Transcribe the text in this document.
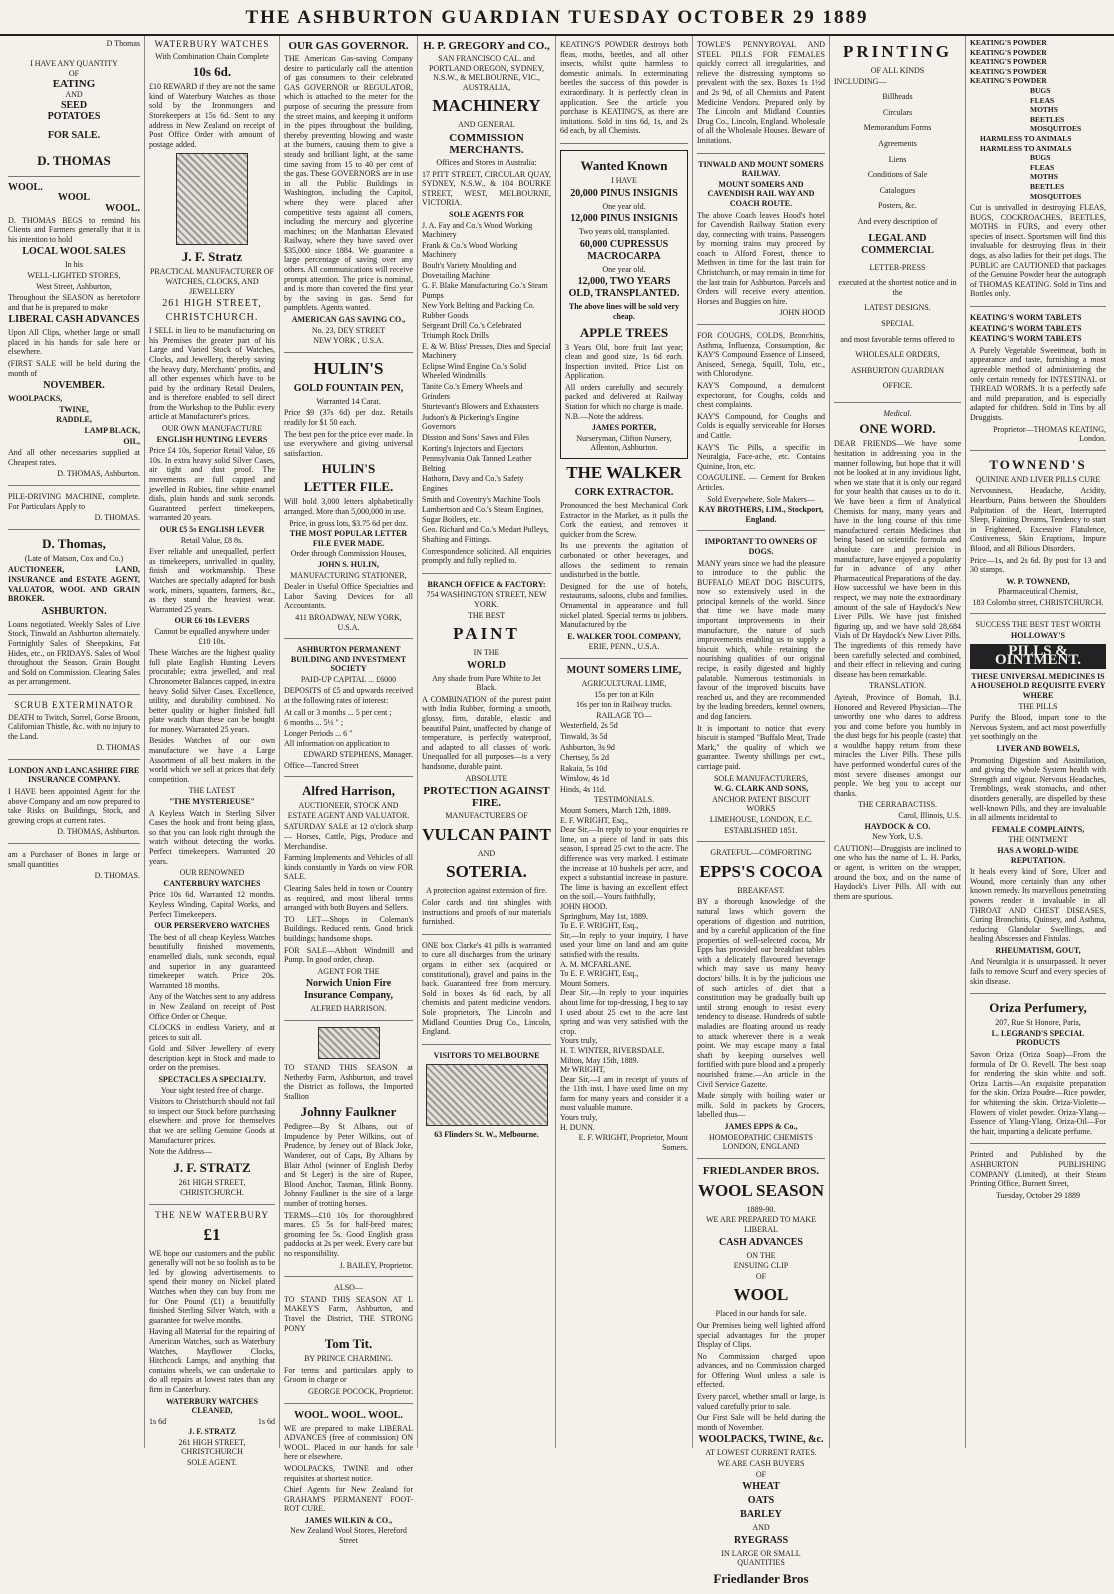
THE ASHBURTON GUARDIAN TUESDAY OCTOBER 29 1889
D Thomas
I HAVE ANY QUANTITY
OF
EATING
AND
SEED
POTATOES
FOR SALE.
D. THOMAS
WOOL.
WOOL
WOOL.

D. THOMAS BEGS to remind his Clients and Farmers generally that it is his intention to hold

LOCAL WOOL SALES
In his
WELL-LIGHTED STORES,
West Street, Ashburton,

Throughout the SEASON as heretofore and that he is prepared to make

LIBERAL CASH ADVANCES

Upon All Clips, whether large or small placed in his hands for sale here or elsewhere.

(FIRST SALE will be held during the month of

NOVEMBER.
WOOLPACKS,
TWINE,
RADDLE,
LAMP BLACK,
OIL,

And all other necessaries supplied at Cheapest rates.

D. THOMAS, Ashburton.

PILE-DRIVING MACHINE, complete. For Particulars Apply to

D. THOMAS.
D. Thomas,
(Late of Matson, Cox and Co.)

AUCTIONEER, LAND, INSURANCE and ESTATE AGENT, VALUATOR, WOOL AND GRAIN BROKER.

ASHBURTON.

Loans negotiated. Weekly Sales of Live Stock, Tinwald an Ashburton alternately. Fortnightly Sales of Sheepskins, Fat Hides, etc., on FRIDAYS. Sales of Wool throughout the Season. Grain Bought and Sold on Commission. Clearing Sales as per arrangement.

SCRUB EXTERMINATOR

DEATH to Twitch, Sorrel, Gorse Broom, Californian Thistle, &c. with no injury to the Land.

D. THOMAS
LONDON AND LANCASHIRE FIRE INSURANCE COMPANY.

I HAVE been appointed Agent for the above Company and am now prepared to take Risks on Buildings, Stock, and growing crops at current rates.

D. THOMAS, Ashburton.

am a Purchaser of Bones in large or small quantities

D. THOMAS.
WATERBURY WATCHES
With Combination Chain Complete
10s 6d.

£10 REWARD if they are not the same kind of Waterbury Watches as those sold by the Ironmongers and Storekeepers at 15s 6d. Sent to any address in New Zealand on receipt of Post Office Order with amount of postage added.

J. F. Stratz
PRACTICAL MANUFACTURER OF WATCHES, CLOCKS, AND JEWELLERY
261 HIGH STREET,
CHRISTCHURCH.

I SELL in lieu to be manufacturing on his Premises the greater part of his Large and Varied Stock of Watches, Clocks, and Jewellery, thereby saving the heavy duty, Merchants' profits, and all other expenses which have to be paid by the ordinary Retail Dealers, and is therefore enabled to sell direct from the Workshop to the Public every article at Manufacturer's prices.

OUR OWN MANUFACTURE
ENGLISH HUNTING LEVERS

Price £4 10s, Superior Retail Value, £6 10s. In extra heavy solid Silver Cases, air tight and dust proof. The movements are full capped and jewelled in Rubies, fine white enamel dials, plain hands and sunk seconds. Guaranteed perfect timekeepers, warranted 20 years.

OUR £5 5s ENGLISH LEVER
Retail Value, £8 8s.

Ever reliable and unequalled, perfect as timekeepers, unrivalled in quality, finish and workmanship. These Watches are specially adapted for bush work, miners, squatters, farmers, &c., as they stand the heaviest wear. Warranted 25 years.

OUR £6 10s LEVERS
Cannot be equalled anywhere under £10 10s.

These Watches are the highest quality full plate English Hunting Levers procurable; extra jewelled, and real Chronometer Balances capped, in extra heavy Solid Silver Cases. Excellence, utility, and durability combined. No better quality or higher finished full plate watch than these can be bought for money. Warranted 25 years.

Besides Watches of our own manufacture we have a Large Assortment of all best makers in the world which we sell at prices that defy competition.

THE LATEST
"THE MYSTERIEUSE"

A Keyless Watch in Sterling Silver Cases the hook and front being glass, so that you can look right through the watch without detecting the works. Perfect timekeepers. Warranted 20 years.

OUR RENOWNED
CANTERBURY WATCHES

Price 10s 6d. Warranted 12 months. Keyless Winding, Capital Works, and Perfect Timekeepers.

OUR PERSERVERO WATCHES

The best of all cheap Keyless Watches beautifully finished movements, enamelled dials, sunk seconds, equal and superior in any guaranteed timekeeper watch. Price 20s. Warranted 18 months.

Any of the Watches sent to any address in New Zealand on receipt of Post Office Order or Cheque.

CLOCKS in endless Variety, and at prices to suit all.

Gold and Silver Jewellery of every description kept in Stock and made to order on the premises.

SPECTACLES A SPECIALTY.
Your sight tested free of charge.

Visitors to Christchurch should not fail to inspect our Stock before purchasing elsewhere and prove for themselves that we are selling Genuine Goods at Manufacturer prices.

Note the Address—
J. F. STRATZ
261 HIGH STREET,
CHRISTCHURCH.
THE NEW WATERBURY
£1

WE hope our customers and the public generally will not be so foolish as to be led by glowing advertisements to spend their money on Nickel plated Watches when they can buy from me for One Pound (£1) a beautifully finished Sterling Silver Watch, with a guarantee for twelve months.

Having all Material for the repairing of American Watches, such as Waterbury Watches, Mayflower Clocks, Hitchcock Lamps, and anything that contains wheels, we can undertake to do all repairs at lowest rates than any firm in Canterbury.

WATERBURY WATCHES CLEANED,
1s 6d	1s 6d
J. F. STRATZ
261 HIGH STREET, CHRISTCHURCH
SOLE AGENT.
OUR GAS GOVERNOR.

THE American Gas-saving Company desire to particularly call the attention of gas consumers to their celebrated GAS GOVERNOR or REGULATOR, which is attached to the meter for the purpose of securing the pressure from the street mains, and keeping it uniform in the pipes throughout the building, thereby preventing blowing and waste at the burners, causing them to give a steady and brilliant light, at the same time saving from 15 to 40 per cent of the gas. These GOVERNORS are in use in all the Public Buildings in Washington, including the Capitol, where they were placed after competitive tests against all comers, including the mercury and glycerine machines; on the Manhattan Elevated Railway, where they have saved over $35,000 since 1884. We guarantee a large percentage of saving over any others. All communications will receive prompt attention. The price is nominal, and is more than covered the first year by the saving in gas. Send for pamphlets. Agents wanted.

AMERICAN GAS SAVING CO.,
No. 23, DEY STREET
NEW YORK , U.S.A.
HULIN'S
GOLD FOUNTAIN PEN,
Warranted 14 Carat.

Price $9 (37s 6d) per doz. Retails readily for $1 50 each.

The best pen for the price ever made. In use everywhere and giving universal satisfaction.

HULIN'S
LETTER FILE.

Will hold 3,000 letters alphabetically arranged. More than 5,000,000 in use.

Price, in gross lots, $3.75 6d per doz.
THE MOST POPULAR LETTER FILE EVER MADE.
Order through Commission Houses,
JOHN S. HULIN,
MANUFACTURING STATIONER,

Dealer in Useful Office Specialties and Labor Saving Devices for all Accountants.

411 BROADWAY, NEW YORK, U.S.A.
ASHBURTON PERMANENT BUILDING AND INVESTMENT SOCIETY
PAID-UP CAPITAL ... £6000

DEPOSITS of £5 and upwards received at the following rates of interest:

At call or 3 months ... 5 per cent ;
6 months ... 5½ " ;
Longer Periods ... 6 "
All information on application to
EDWARD STEPHENS, Manager.
Office—Tancred Street
Alfred Harrison,
AUCTIONEER, STOCK AND ESTATE AGENT AND VALUATOR.

SATURDAY SALE at 12 o'clock sharp — Horses, Cattle, Pigs, Produce and Merchandise.

Farming Implements and Vehicles of all kinds constantly in Yards on view FOR SALE.

Clearing Sales held in town or Country as required, and most liberal terms arranged with both Buyers and Sellers.

TO LET—Shops in Coleman's Buildings. Reduced rents. Good brick buildings; handsome shops.

FOR SALE—Abbott Windmill and Pump. In good order, cheap.

AGENT FOR THE
Norwich Union Fire Insurance Company,
ALFRED HARRISON.

TO STAND THIS SEASON at Netherby Farm, Ashburton, and travel the District as follows, the Imported Stallion

Johnny Faulkner

Pedigree—By St Albans, out of Impudence by Peter Wilkins, out of Prudence, by Jersey out of Black Joke, Wanderer, out of Caps, By Albans by Blair Athol (winner of English Derby and St Leger) is the sire of Rupee, Blood Anchor, Tasman, Blink Bonny. Johnny Faulkner is the sire of a large number of trotting horses.

TERMS—£10 10s for thoroughbred mares. £5 5s for half-bred mares; grooming fee 5s. Good English grass paddocks at 2s per week. Every care but no responsibility.

J. BAILEY, Proprietor.
ALSO—

TO STAND THIS SEASON AT L MAKEY'S Farm, Ashburton, and Travel the District, THE STRONG PONY

Tom Tit.
BY PRINCE CHARMING.

For terms and particulars apply to Groom in charge or

GEORGE POCOCK, Proprietor.
WOOL. WOOL. WOOL.

WE are prepared to make LIBERAL ADVANCES (free of commission) ON WOOL. Placed in our hands for sale here or elsewhere.

WOOLPACKS, TWINE and other requisites at shortest notice.

Chief Agents for New Zealand for GRAHAM'S PERMANENT FOOT-ROT CURE.

JAMES WILKIN & CO.,
New Zealand Wool Stores, Hereford Street
H. P. GREGORY and CO.,
SAN FRANCISCO CAL. and PORTLAND OREGON, SYDNEY, N.S.W., & MELBOURNE, VIC., AUSTRALIA,
MACHINERY
AND GENERAL
COMMISSION MERCHANTS.
Offices and Stores in Australia:

17 PITT STREET, CIRCULAR QUAY, SYDNEY, N.S.W., & 104 BOURKE STREET, WEST, MELBOURNE, VICTORIA.

SOLE AGENTS FOR
J. A. Fay and Co.'s Wood Working Machinery
Frank & Co.'s Wood Working Machinery
Boult's Variety Moulding and Dovetailing Machine
G. F. Blake Manufacturing Co.'s Steam Pumps
New York Belting and Packing Co. Rubber Goods
Sergeant Drill Co.'s Celebrated Triumph Rock Drills
E. & W. Bliss' Presses, Dies and Special Machinery
Eclipse Wind Engine Co.'s Solid Wheeled Windmills
Tanite Co.'s Emery Wheels and Grinders
Sturtevant's Blowers and Exhausters
Judson's & Pickering's Engine Governors
Disston and Sons' Saws and Files
Korting's Injectors and Ejectors
Pennsylvania Oak Tanned Leather Belting
Hathorn, Davy and Co.'s Safety Engines
Smith and Coventry's Machine Tools
Lambertson and Co.'s Steam Engines, Sugar Boilers, etc.
Geo. Richard and Co.'s Medart Pulleys, Shafting and Fittings.

Correspondence solicited. All enquiries promptly and fully replied to.

BRANCH OFFICE & FACTORY:
754 WASHINGTON STREET, NEW YORK.
THE BEST
PAINT
IN THE
WORLD
Any shade from Pure White to Jet Black.

A COMBINATION of the purest paint with India Rubber, forming a smooth, glossy, firm, durable, elastic and beautiful Paint, unaffected by change of temperature, is perfectly waterproof, and adapted to all classes of work. Unequalled for all purposes—is a very handsome, durable paint.

ABSOLUTE
PROTECTION AGAINST FIRE.
MANUFACTURERS OF
VULCAN PAINT
AND
SOTERIA.
A protection against extension of fire.

Color cards and tint shingles with instructions and proofs of our materials furnished.

ONE box Clarke's 41 pills is warranted to cure all discharges from the urinary organs in either sex (acquired or constitutional), gravel and pains in the back. Guaranteed free from mercury. Sold in boxes 4s 6d each, by all chemists and patent medicine vendors. Sole proprietors, The Lincoln and Midland Counties Drug Co., Lincoln, England.

VISITORS TO MELBOURNE
63 Flinders St. W., Melbourne.

KEATING'S POWDER destroys both fleas, moths, beetles, and all other insects, whilst quite harmless to domestic animals. In exterminating beetles the success of this powder is extraordinary. It is perfectly clean in application. See the article you purchase is KEATING'S, as there are imitations. Sold in tins 6d, 1s, and 2s 6d each, by all Chemists.

Wanted Known
I HAVE
20,000 PINUS INSIGNIS
One year old.
12,000 PINUS INSIGNIS
Two years old, transplanted.
60,000 CUPRESSUS MACROCARPA
One year old.
12,000, TWO YEARS OLD, TRANSPLANTED.
The above lines will be sold very cheap.
APPLE TREES

3 Years Old, bore fruit last year; clean and good size, 1s 6d each. Inspection invited. Price List on Application.

All orders carefully and securely packed and delivered at Railway Station for which no charge is made. N.B.—Note the address.

JAMES PORTER,
Nurseryman, Clifton Nursery, Allenton, Ashburton.
THE WALKER
CORK EXTRACTOR.

Pronounced the best Mechanical Cork Extractor in the Market, as it pulls the Cork the easiest, and removes it quicker from the Screw.

Its use prevents the agitation of carbonated or other beverages, and allows the sediment to remain undisturbed in the bottle.

Designed for the use of hotels, restaurants, saloons, clubs and families. Ornamental in appearance and full nickel plated. Special terms to jobbers. Manufactured by the

E. WALKER TOOL COMPANY,
ERIE, PENN., U.S.A.
MOUNT SOMERS LIME,
AGRICULTURAL LIME,
15s per ton at Kiln
16s per ton in Railway trucks.
RAILAGE TO—
Westerfield, 2s 5d
Tinwald, 3s 5d
Ashburton, 3s 9d
Chertsey, 5s 2d
Rakaia, 5s 10d
Winslow, 4s 1d
Hinds, 4s 11d.
TESTIMONIALS.
Mount Somers, March 12th, 1889.
E. F. WRIGHT, Esq.,
Dear Sir,—In reply to your enquiries re lime, on a piece of land in oats this season, I spread 25 cwt to the acre. The difference was very marked. I estimate the increase at 10 bushels per acre, and expect a substantial increase in pasture. The lime is having an excellent effect on the soil.—Yours faithfully,
JOHN HOOD.
Springburn, May 1st, 1889.
To E. F. WRIGHT, Esq.,
Sir,—In reply to your inquiry, I have used your lime on land and am quite satisfied with the results.
A. M. MCFARLANE.
To E. F. WRIGHT, Esq.,
Mount Somers.
Dear Sir,—In reply to your inquiries about lime for top-dressing, I beg to say I used about 25 cwt to the acre last spring and was very satisfied with the crop.
Yours truly,
H. T. WINTER, RIVERSDALE.
Milton, May 15th, 1889.
Mr WRIGHT,
Dear Sir,—I am in receipt of yours of the 11th inst. I have used lime on my farm for many years and consider it a most valuable manure.
Yours truly,
H. DUNN.
E. F. WRIGHT, Proprietor, Mount Somers.

TOWLE'S PENNYROYAL AND STEEL PILLS FOR FEMALES quickly correct all irregularities, and relieve the distressing symptoms so prevalent with the sex. Boxes 1s 1½d and 2s 9d, of all Chemists and Patent Medicine Vendors. Prepared only by The Lincoln and Midland Counties Drug Co., Lincoln, England. Wholesale of all the Wholesale Houses. Beware of Imitations.

TINWALD AND MOUNT SOMERS RAILWAY.
MOUNT SOMERS AND CAVENDISH RAIL WAY AND COACH ROUTE.

The above Coach leaves Hood's hotel for Cavendish Railway Station every day, connecting with trains. Passengers by morning trains may proceed by coach to Alford Forest, thence to Methven in time for the last train for Christchurch, or may remain in time for the last train for Ashburton. Parcels and Orders will receive every attention. Horses and Buggies on hire.

JOHN HOOD

FOR COUGHS, COLDS, Bronchitis, Asthma, Influenza, Consumption, &c KAY'S Compound Essence of Linseed, Aniseed, Senega, Squill, Tolu, etc., with Chlorodyne.

KAY'S Compound, a demulcent expectorant, for Coughs, colds and chest complaints.

KAY'S Compound, for Coughs and Colds is equally serviceable for Horses and Cattle.

KAY'S Tic Pills, a specific in Neuralgia, Face-ache, etc. Contains Quinine, Iron, etc.

COAGULINE. — Cement for Broken Articles.

Sold Everywhere. Sole Makers—
KAY BROTHERS, LIM., Stockport, England.
IMPORTANT TO OWNERS OF DOGS.

MANY years since we had the pleasure to introduce to the public the BUFFALO MEAT DOG BISCUITS, now so extensively used in the principal kennels of the world. Since that time we have made many important improvements in their manufacture, the nature of such improvements enabling us to supply a biscuit which, while retaining the nourishing qualities of our original recipe, is easily digested and highly palatable. Numerous testimonials in favour of the improved biscuits have reached us, and they are recommended by the leading breeders, kennel owners, and dog fanciers.

It is important to notice that every biscuit is stamped "Buffalo Meat, Trade Mark," the quality of which we guarantee. Twenty shillings per cwt., carriage paid.

SOLE MANUFACTURERS,
W. G. CLARK AND SONS,
ANCHOR PATENT BISCUIT WORKS
LIMEHOUSE, LONDON, E.C.
ESTABLISHED 1851.
GRATEFUL—COMFORTING
EPPS'S COCOA
BREAKFAST.

BY a thorough knowledge of the natural laws which govern the operations of digestion and nutrition, and by a careful application of the fine properties of well-selected cocoa, Mr Epps has provided our breakfast tables with a delicately flavoured beverage which may save us many heavy doctors' bills. It is by the judicious use of such articles of diet that a constitution may be gradually built up until strong enough to resist every tendency to disease. Hundreds of subtle maladies are floating around us ready to attack wherever there is a weak point. We may escape many a fatal shaft by keeping ourselves well fortified with pure blood and a properly nourished frame.—An article in the Civil Service Gazette.

Made simply with boiling water or milk. Sold in packets by Grocers, labelled thus—

JAMES EPPS & Co.,
HOMOEOPATHIC CHEMISTS LONDON, ENGLAND
FRIEDLANDER BROS.
WOOL SEASON
1889-90.
WE ARE PREPARED TO MAKE LIBERAL
CASH ADVANCES
ON THE
ENSUING CLIP
OF
WOOL
Placed in our hands for sale.

Our Premises being well lighted afford special advantages for the proper Display of Clips.

No Commission charged upon advances, and no Commission charged for Offering Wool unless a sale is effected.

Every parcel, whether small or large, is valued carefully prior to sale.

Our First Sale will be held during the month of November.

WOOLPACKS, TWINE, &c.
AT LOWEST CURRENT RATES.
WE ARE CASH BUYERS
OF
WHEAT
OATS
BARLEY
AND
RYEGRASS
IN LARGE OR SMALL QUANTITIES
Friedlander Bros
PRINTING
OF ALL KINDS
INCLUDING—
Billheads
Circulars
Memorandum Forms
Agreements
Liens
Conditions of Sale
Catalogues
Posters, &c.
And every description of
LEGAL AND COMMERCIAL
LETTER-PRESS
executed at the shortest notice and in the
LATEST DESIGNS.
SPECIAL
and most favorable terms offered to
WHOLESALE ORDERS,
ASHBURTON GUARDIAN
OFFICE.
Medical.
ONE WORD.

DEAR FRIENDS—We have some hesitation in addressing you in the manner following, but hope that it will not be looked at in any invidious light, when we state that it is only our regard for your health that causes us to do it. We have been a firm of Analytical Chemists for many, many years and have in the long course of this time manufactured certain Medicines that being based on scientific formula and absolute care and precision in manufacture, have enjoyed a popularity far in advance of any other Pharmaceutical Preparations of the day. How successful we have been in this respect, we may note the extraordinary amount of the sale of Haydock's New Liver Pills. We have just finished figuring up, and we have sold 28,684 Vials of Dr Haydock's New Liver Pills. The ingredients of this remedy have been carefully selected and combined, and their effect in relieving and curing disease has been remarkable.

TRANSLATION.

Ayteah, Province of Bomah, B.I. Honored and Revered Physician—The unworthy one who dares to address you and come before you humbly in the dust begs for his people (caste) that a wouldbe happy return from these miracles the Liver Pills. These pills have performed wonderful cures of the most severe diseases amongst our people. We beg you to accept our thanks.

THE CERRABACTISS.
Carol, Illinois, U.S.
HAYDOCK & CO.
New York, U.S.

CAUTION!—Druggists are inclined to one who has the name of L. H. Parks, or agent, is written on the wrapper, around the box, and on the name of Haydock's Liver Pills. All with out them are spurious.

KEATING'S POWDER
KEATING'S POWDER
KEATING'S POWDER
KEATING'S POWDER
KEATING'S POWDER
BUGS
FLEAS
MOTHS
BEETLES
MOSQUITOES
HARMLESS TO ANIMALS
HARMLESS TO ANIMALS
BUGS
FLEAS
MOTHS
BEETLES
MOSQUITOES

Cut is unrivalled in destroying FLEAS, BUGS, COCKROACHES, BEETLES, MOTHS in FURS, and every other species of insect. Sportsmen will find this invaluable for destroying fleas in their dogs, as also ladies for their pet dogs. The PUBLIC are CAUTIONED that packages of the Genuine Powder bear the autograph of THOMAS KEATING. Sold in Tins and Bottles only.

KEATING'S WORM TABLETS
KEATING'S WORM TABLETS
KEATING'S WORM TABLETS

A Purely Vegetable Sweetmeat, both in appearance and taste, furnishing a most agreeable method of administering the only certain remedy for INTESTINAL or THREAD WORMS. It is a perfectly safe and mild preparation, and is especially adapted for children. Sold in Tins by all Druggists.

Proprietor—THOMAS KEATING, London.
TOWNEND'S
QUININE AND LIVER PILLS CURE

Nervousness, Headache, Acidity, Heartburn, Pains between the Shoulders Palpitation of the Heart, Interrupted Sleep, Fainting Dreams, Tendency to start in Frightened, Excessive Flatulence, Costiveness, Skin Eruptions, Impure Blood, and all Bilious Disorders.

Price—1s, and 2s 6d. By post for 13 and 30 stamps.

W. P. TOWNEND,
Pharmaceutical Chemist,
183 Colombo street, CHRISTCHURCH.
SUCCESS THE BEST TEST WORTH
HOLLOWAY'S
PILLS & OINTMENT.
THESE UNIVERSAL MEDICINES IS A HOUSEHOLD REQUISITE EVERY WHERE
THE PILLS

Purify the Blood, impart tone to the Nervous System, and act most powerfully yet soothingly on the

LIVER AND BOWELS,

Promoting Digestion and Assimilation, and giving the whole System health with Strength and vigour. Nervous Headaches, Tremblings, weak stomachs, and other disorders generally, are dispelled by these well-known Pills, and they are invaluable in all ailments incidental to

FEMALE COMPLAINTS,
THE OINTMENT
HAS A WORLD-WIDE REPUTATION.

It heals every kind of Sore, Ulcer and Wound, more certainly than any other known remedy. Its marvellous penetrating powers render it invaluable in all THROAT AND CHEST DISEASES, Curing Bronchitis, Quinsey, and Asthma, reducing Glandular Swellings, and healing Abscesses and Fistulas.

RHEUMATISM, GOUT,

And Neuralgia it is unsurpassed. It never fails to remove Scurf and every species of skin disease.

Oriza Perfumery,
207, Rue St Honore, Paris,
L. LEGRAND'S SPECIAL PRODUCTS

Savon Oriza (Oriza Soap)—From the formula of Dr O. Revell. The best soap for rendering the skin white and soft. Oriza Lactis—An exquisite preparation for the skin. Oriza Poudre—Rice powder, for whitening the skin. Oriza-Violette—Flowers of violet powder. Oriza-Ylang—Essence of Ylang-Ylang. Oriza-Oil—For the hair, imparting a delicate perfume.

Printed and Published by the ASHBURTON PUBLISHING COMPANY (Limited), at their Steam Printing Office, Burnett Street,

Tuesday, October 29 1889
